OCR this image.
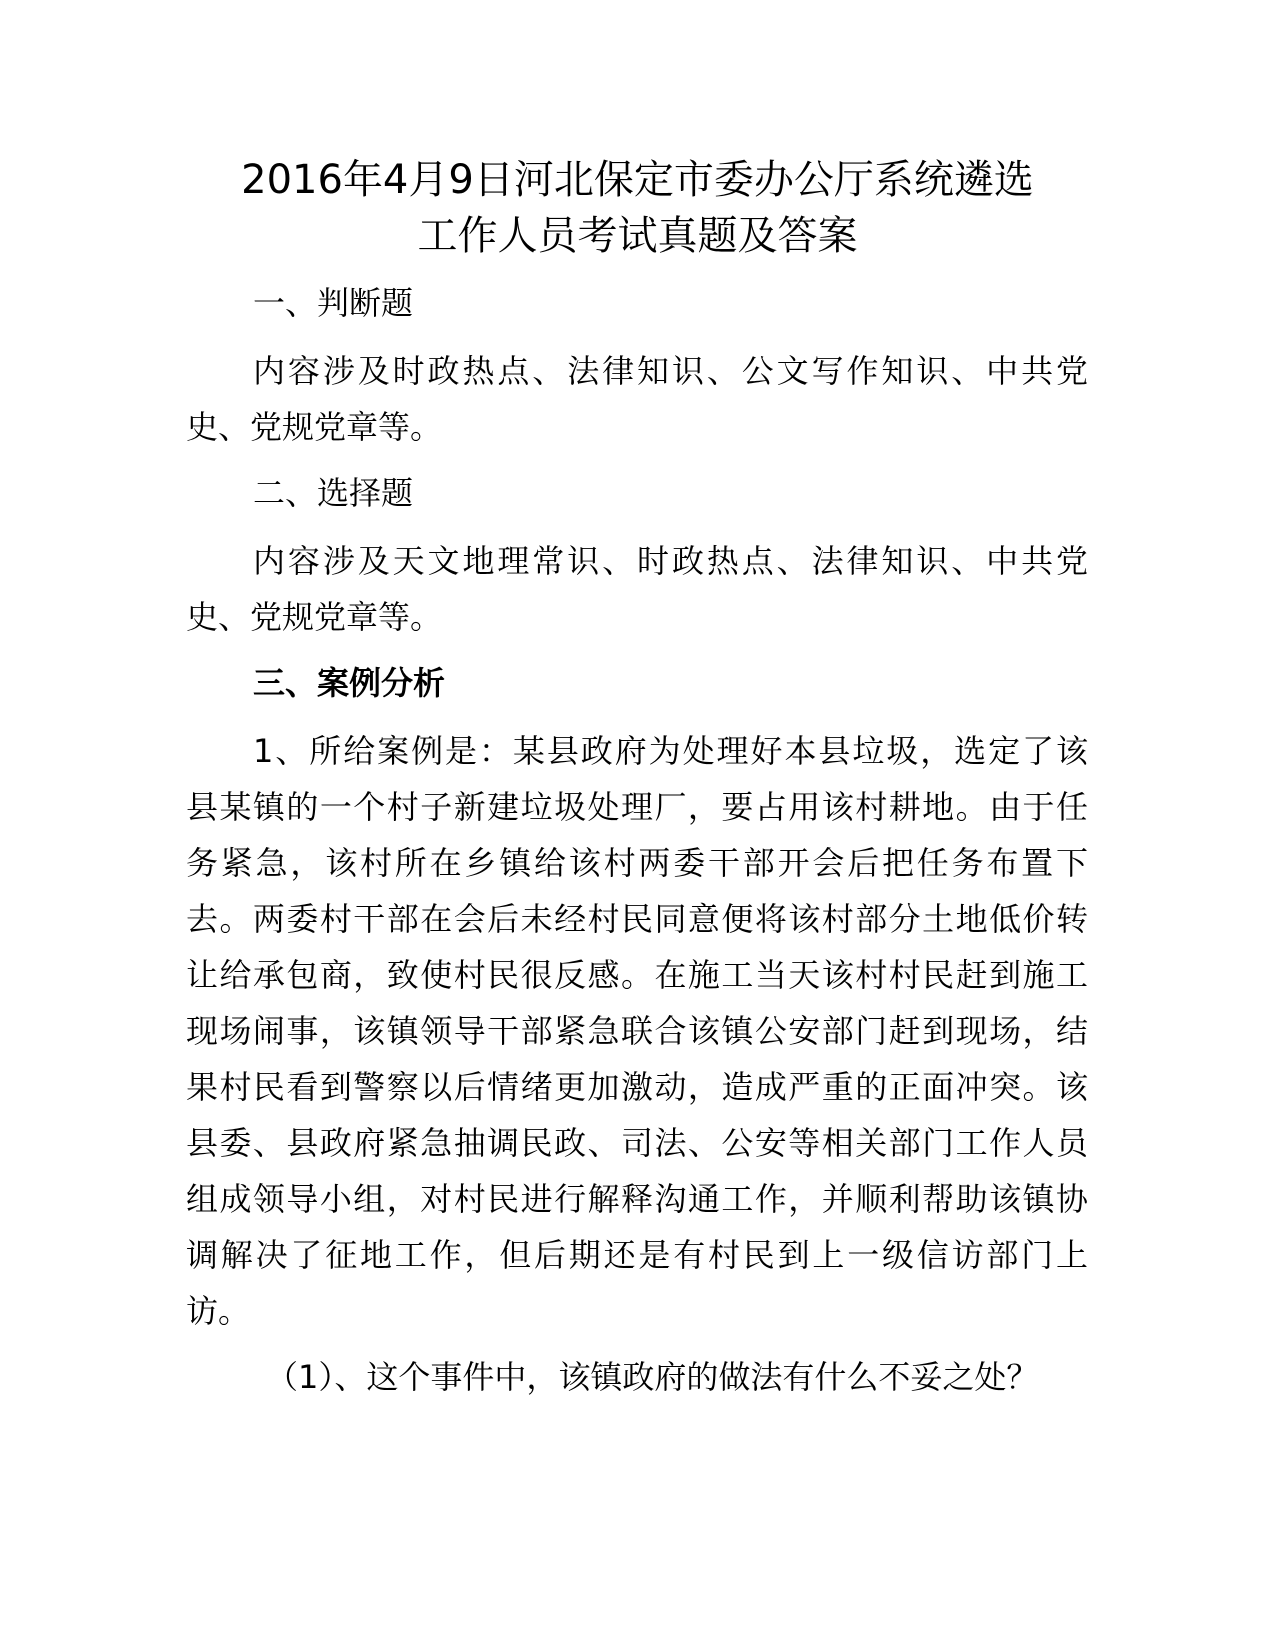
2016年4月9日河北保定市委办公厅系统遴选
工作人员考试真题及答案
一、判断题
内容涉及时政热点、法律知识、公文写作知识、中共党
史、党规党章等。
二、选择题
内容涉及天文地理常识、时政热点、法律知识、中共党
史、党规党章等。
三、案例分析
1、所给案例是：某县政府为处理好本县垃圾，选定了该
县某镇的一个村子新建垃圾处理厂，要占用该村耕地。由于任
务紧急，该村所在乡镇给该村两委干部开会后把任务布置下
去。两委村干部在会后未经村民同意便将该村部分土地低价转
让给承包商，致使村民很反感。在施工当天该村村民赶到施工
现场闹事，该镇领导干部紧急联合该镇公安部门赶到现场，结
果村民看到警察以后情绪更加激动，造成严重的正面冲突。该
县委、县政府紧急抽调民政、司法、公安等相关部门工作人员
组成领导小组，对村民进行解释沟通工作，并顺利帮助该镇协
调解决了征地工作，但后期还是有村民到上一级信访部门上
访。
（1）、这个事件中，该镇政府的做法有什么不妥之处？
